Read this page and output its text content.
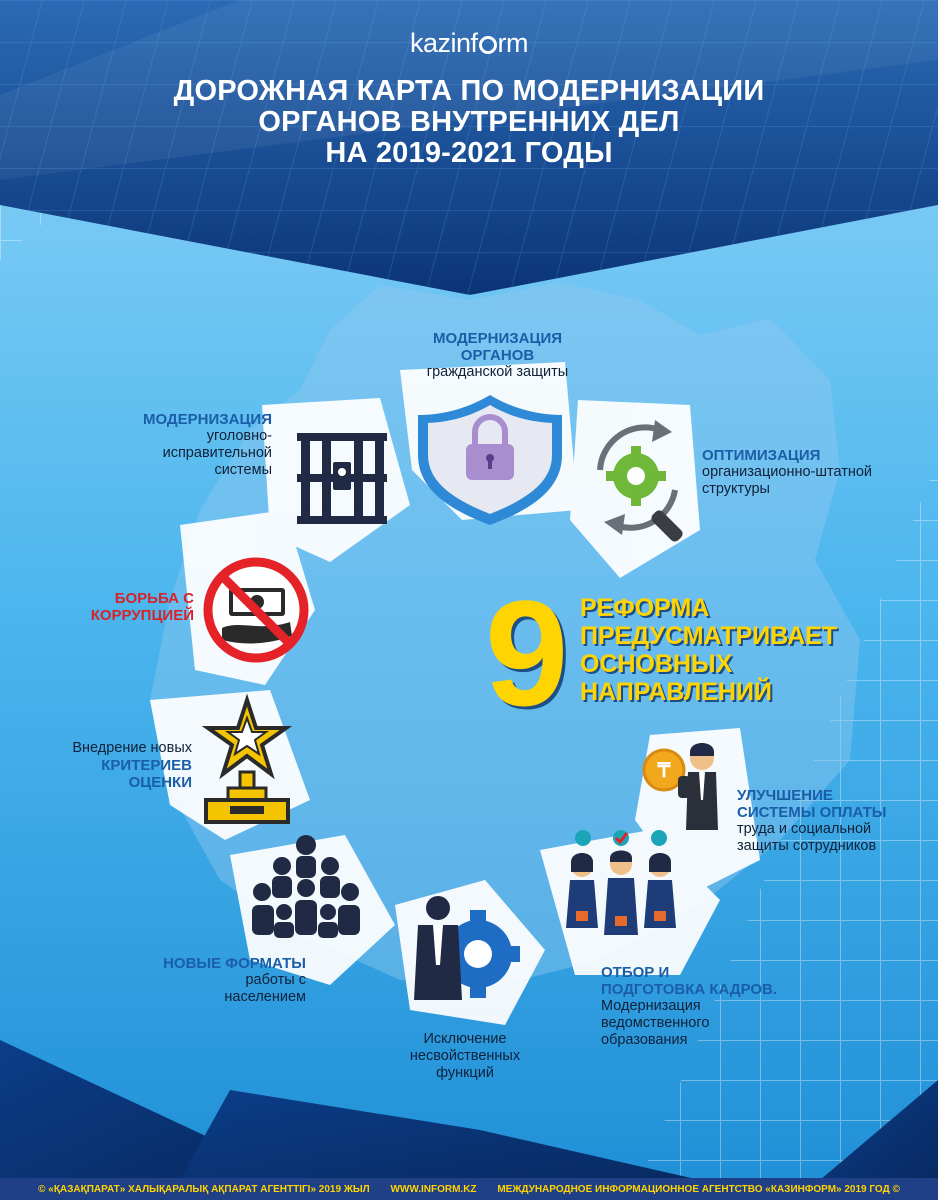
₸
kazinf rm
ДОРОЖНАЯ КАРТА ПО МОДЕРНИЗАЦИИ
ОРГАНОВ ВНУТРЕННИХ ДЕЛ
НА 2019-2021 ГОДЫ
МОДЕРНИЗАЦИЯ
ОРГАНОВ
гражданской защиты
МОДЕРНИЗАЦИЯ
уголовно-
исправительной
системы
ОПТИМИЗАЦИЯ
организационно-штатной
структуры
БОРЬБА С
КОРРУПЦИЕЙ 9 РЕФОРМА
ПРЕДУСМАТРИВАЕТ
ОСНОВНЫХ
НАПРАВЛЕНИЙ
Внедрение новых
КРИТЕРИЕВ
ОЦЕНКИ
УЛУЧШЕНИЕ
СИСТЕМЫ ОПЛАТЫ
труда и социальной
защиты сотрудников
НОВЫЕ ФОРМАТЫ
работы с
населением
Исключение
несвойственных
функций
ОТБОР И
ПОДГОТОВКА КАДРОВ.
Модернизация
ведомственного
образования
© «ҚАЗАҚПАРАТ» ХАЛЫҚАРАЛЫҚ АҚПАРАТ АГЕНТТІГІ» 2019 ЖЫЛ WWW.INFORM.KZ МЕЖДУНАРОДНОЕ ИНФОРМАЦИОННОЕ АГЕНТСТВО «КАЗИНФОРМ» 2019 ГОД ©
